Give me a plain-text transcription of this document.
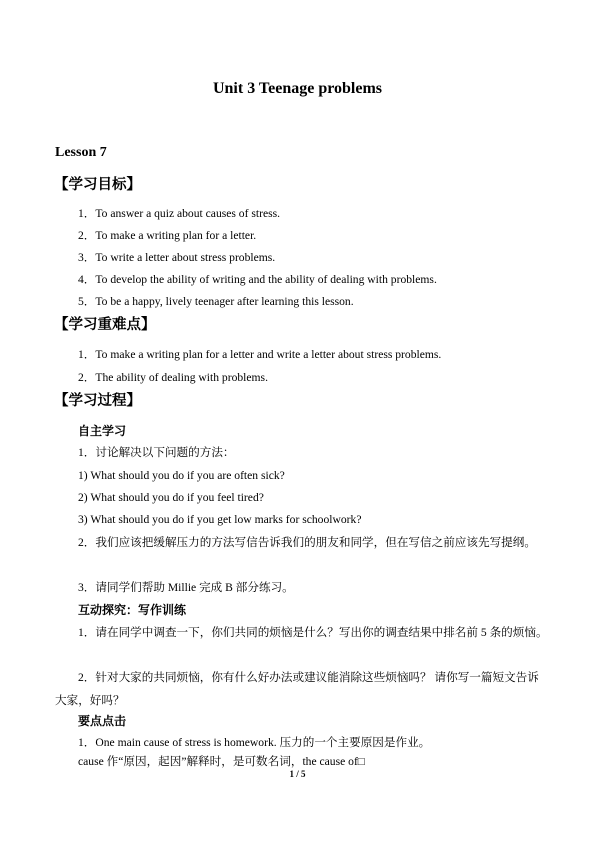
Unit 3 Teenage problems
Lesson 7
【学习目标】
1．To answer a quiz about causes of stress.
2．To make a writing plan for a letter.
3．To write a letter about stress problems.
4．To develop the ability of writing and the ability of dealing with problems.
5．To be a happy, lively teenager after learning this lesson.
【学习重难点】
1．To make a writing plan for a letter and write a letter about stress problems.
2．The ability of dealing with problems.
【学习过程】
自主学习
1．讨论解决以下问题的方法：
1) What should you do if you are often sick?
2) What should you do if you feel tired?
3) What should you do if you get low marks for schoolwork?
2．我们应该把缓解压力的方法写信告诉我们的朋友和同学，但在写信之前应该先写提纲。
3．请同学们帮助 Millie 完成 B 部分练习。
互动探究：写作训练
1．请在同学中调查一下，你们共同的烦恼是什么？写出你的调查结果中排名前 5 条的烦恼。
2．针对大家的共同烦恼，你有什么好办法或建议能消除这些烦恼吗？ 请你写一篇短文告诉大家，好吗？
要点点击
1．One main cause of stress is homework. 压力的一个主要原因是作业。
cause 作“原因，起因”解释时，是可数名词，the cause of□
1 / 5
